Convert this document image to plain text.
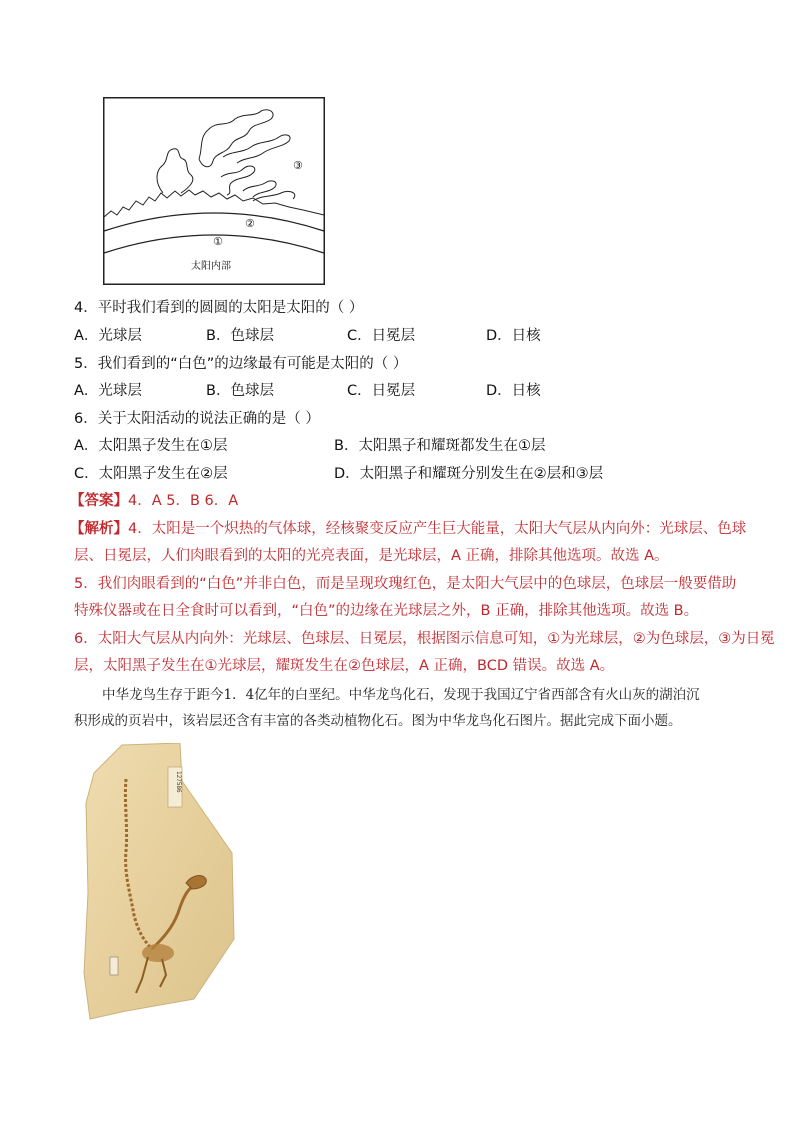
③
②
①
太阳内部
4．平时我们看到的圆圆的太阳是太阳的（ ）
A．光球层	B．色球层	C．日冕层	D．日核
5．我们看到的“白色”的边缘最有可能是太阳的（ ）
A．光球层	B．色球层	C．日冕层	D．日核
6．关于太阳活动的说法正确的是（ ）
A．太阳黑子发生在①层	B．太阳黑子和耀斑都发生在①层
C．太阳黑子发生在②层	D．太阳黑子和耀斑分别发生在②层和③层
【答案】4．A 5．B 6．A
【解析】4．太阳是一个炽热的气体球，经核聚变反应产生巨大能量，太阳大气层从内向外：光球层、色球
层、日冕层，人们肉眼看到的太阳的光亮表面，是光球层，A 正确，排除其他选项。故选 A。
5．我们肉眼看到的“白色”并非白色，而是呈现玫瑰红色，是太阳大气层中的色球层，色球层一般要借助
特殊仪器或在日全食时可以看到，“白色”的边缘在光球层之外，B 正确，排除其他选项。故选 B。
6．太阳大气层从内向外：光球层、色球层、日冕层，根据图示信息可知，①为光球层，②为色球层，③为日冕
层，太阳黑子发生在①光球层，耀斑发生在②色球层，A 正确，BCD 错误。故选 A。
中华龙鸟生存于距今1．4亿年的白垩纪。中华龙鸟化石，发现于我国辽宁省西部含有火山灰的湖泊沉
积形成的页岩中，该岩层还含有丰富的各类动植物化石。图为中华龙鸟化石图片。据此完成下面小题。
127586
